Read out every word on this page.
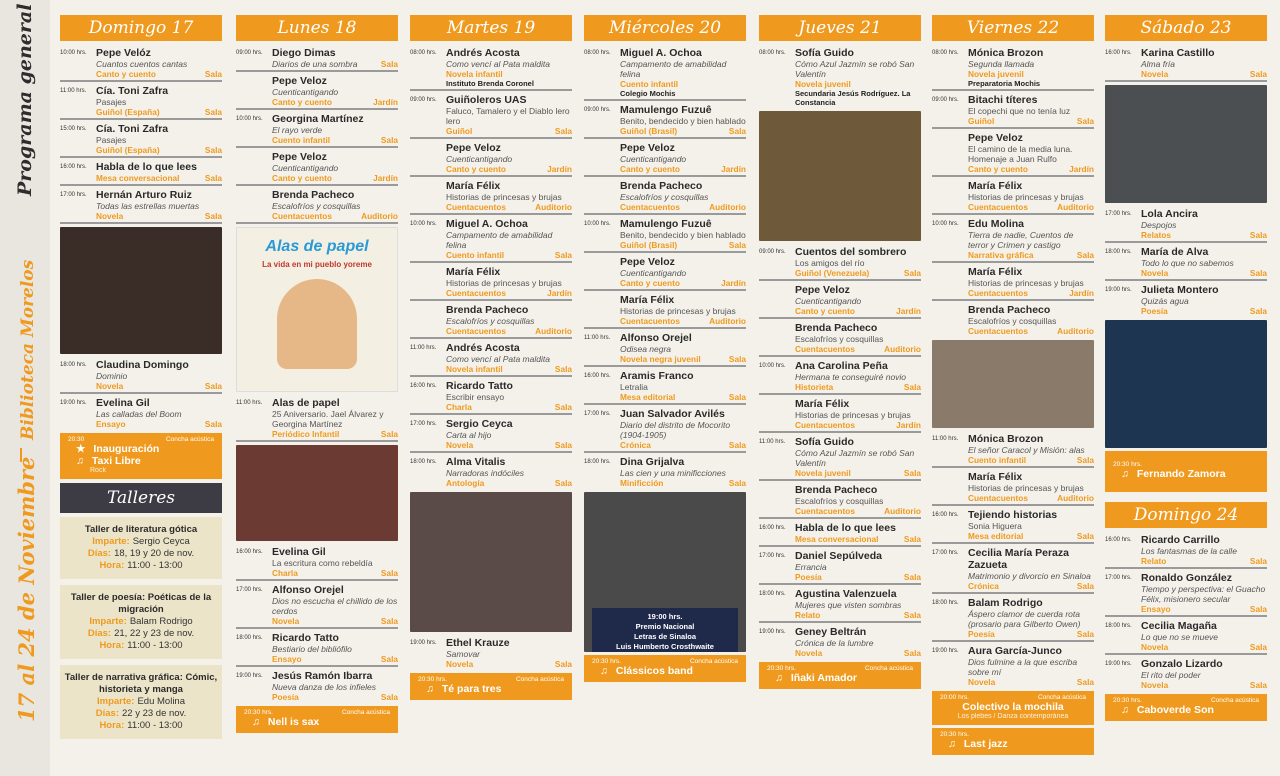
Programa general
Biblioteca Morelos
17 al 24 de Noviembre
Domingo 17
10:00 hrs. Pepe Velóz
Cuantos cuentos cantas
Canto y cuento	Sala
11:00 hrs. Cía. Toni Zafra
Pasajes
Guiñol (España)	Sala
15:00 hrs. Cía. Toni Zafra
Pasajes
Guiñol (España)	Sala
16:00 hrs. Habla de lo que lees
Mesa conversacional	Sala
17:00 hrs. Hernán Arturo Ruiz
Todas las estrellas muertas
Novela	Sala
18:00 hrs. Claudina Domingo
Dominio
Novela	Sala
19:00 hrs. Evelina Gil
Las calladas del Boom
Ensayo	Sala
20:30	Concha acústica
★ Inauguración
♫ Taxi Libre
Rock
Talleres
Taller de literatura gótica
Imparte: Sergio Ceyca
Días: 18, 19 y 20 de nov.
Hora: 11:00 - 13:00
Taller de poesía: Poéticas de la migración
Imparte: Balam Rodrigo
Días: 21, 22 y 23 de nov.
Hora: 11:00 - 13:00
Taller de narrativa gráfica: Cómic, historieta y manga
Imparte: Edu Molina
Días: 22 y 23 de nov.
Hora: 11:00 - 13:00
Lunes 18
09:00 hrs. Diego Dimas
Diarios de una sombra	Sala
Pepe Veloz
Cuenticantigando
Canto y cuento	Jardín
10:00 hrs. Georgina Martínez
El rayo verde
Cuento infantil	Sala
Pepe Veloz
Cuenticantigando
Canto y cuento	Jardín
Brenda Pacheco
Escalofríos y cosquillas
Cuentacuentos	Auditorio
Alas de papel
La vida en mi pueblo yoreme
11:00 hrs. Alas de papel
25 Aniversario. Jael Álvarez y Georgina Martínez
Periódico Infantil	Sala
16:00 hrs. Evelina Gil
La escritura como rebeldía
Charla	Sala
17:00 hrs. Alfonso Orejel
Dios no escucha el chillido de los cerdos
Novela	Sala
18:00 hrs. Ricardo Tatto
Bestiario del bibliófilo
Ensayo	Sala
19:00 hrs. Jesús Ramón Ibarra
Nueva danza de los infieles
Poesía	Sala
20:30 hrs.	Concha acústica
♫ Nell is sax
Martes 19
08:00 hrs. Andrés Acosta
Como vencí al Pata maldita
Novela infantil
Instituto Brenda Coronel
09:00 hrs. Guiñoleros UAS
Faluco, Tamalero y el Diablo lero lero
Guiñol	Sala
Pepe Veloz
Cuenticantigando
Canto y cuento	Jardín
María Félix
Historias de princesas y brujas
Cuentacuentos	Auditorio
10:00 hrs. Miguel A. Ochoa
Campamento de amabilidad felina
Cuento infantil	Sala
María Félix
Historias de princesas y brujas
Cuentacuentos	Jardín
Brenda Pacheco
Escalofríos y cosquillas
Cuentacuentos	Auditorio
11:00 hrs. Andrés Acosta
Como vencí al Pata maldita
Novela infantil	Sala
16:00 hrs. Ricardo Tatto
Escribir ensayo
Charla	Sala
17:00 hrs. Sergio Ceyca
Carta al hijo
Novela	Sala
18:00 hrs. Alma Vitalis
Narradoras indóciles
Antología	Sala
19:00 hrs. Ethel Krauze
Samovar
Novela	Sala
20:30 hrs.	Concha acústica
♫ Té para tres
Miércoles 20
08:00 hrs. Miguel A. Ochoa
Campamento de amabilidad felina
Cuento infantil
Colegio Mochis
09:00 hrs. Mamulengo Fuzuê
Benito, bendecido y bien hablado
Guiñol (Brasil)	Sala
Pepe Veloz
Cuenticantigando
Canto y cuento	Jardín
Brenda Pacheco
Escalofríos y cosquillas
Cuentacuentos	Auditorio
10:00 hrs. Mamulengo Fuzuê
Benito, bendecido y bien hablado
Guiñol (Brasil)	Sala
Pepe Veloz
Cuenticantigando
Canto y cuento	Jardín
María Félix
Historias de princesas y brujas
Cuentacuentos	Auditorio
11:00 hrs. Alfonso Orejel
Odisea negra
Novela negra juvenil	Sala
16:00 hrs. Aramis Franco
Letralia
Mesa editorial	Sala
17:00 hrs. Juan Salvador Avilés
Diario del distrito de Mocorito (1904-1905)
Crónica	Sala
18:00 hrs. Dina Grijalva
Las cien y una minificciones
Minificción	Sala
19:00 hrs.
Premio Nacional
Letras de Sinaloa
Luis Humberto Crosthwaite
20:30 hrs.	Concha acústica
♫ Clássicos band
Jueves 21
08:00 hrs. Sofía Guido
Cómo Azul Jazmín se robó San Valentín
Novela juvenil
Secundaria Jesús Rodríguez. La Constancia
09:00 hrs. Cuentos del sombrero
Los amigos del río
Guiñol (Venezuela)	Sala
Pepe Veloz
Cuenticantigando
Canto y cuento	Jardín
Brenda Pacheco
Escalofríos y cosquillas
Cuentacuentos	Auditorio
10:00 hrs. Ana Carolina Peña
Hermana te conseguiré novio
Historieta	Sala
María Félix
Historias de princesas y brujas
Cuentacuentos	Jardín
11:00 hrs. Sofía Guido
Cómo Azul Jazmín se robó San Valentín
Novela juvenil	Sala
Brenda Pacheco
Escalofríos y cosquillas
Cuentacuentos	Auditorio
16:00 hrs. Habla de lo que lees
Mesa conversacional	Sala
17:00 hrs. Daniel Sepúlveda
Errancia
Poesía	Sala
18:00 hrs. Agustina Valenzuela
Mujeres que visten sombras
Relato	Sala
19:00 hrs. Geney Beltrán
Crónica de la lumbre
Novela	Sala
20:30 hrs.	Concha acústica
♫ Iñaki Amador
Viernes 22
08:00 hrs. Mónica Brozon
Segunda llamada
Novela juvenil
Preparatoria Mochis
09:00 hrs. Bitachi títeres
El copechi que no tenía luz
Guiñol	Sala
Pepe Veloz
El camino de la media luna. Homenaje a Juan Rulfo
Canto y cuento	Jardín
María Félix
Historias de princesas y brujas
Cuentacuentos	Auditorio
10:00 hrs. Edu Molina
Tierra de nadie, Cuentos de terror y Crimen y castigo
Narrativa gráfica	Sala
María Félix
Historias de princesas y brujas
Cuentacuentos	Jardín
Brenda Pacheco
Escalofríos y cosquillas
Cuentacuentos	Auditorio
11:00 hrs. Mónica Brozon
El señor Caracol y Misión: alas
Cuento infantil	Sala
María Félix
Historias de princesas y brujas
Cuentacuentos	Auditorio
16:00 hrs. Tejiendo historias
Sonia Higuera
Mesa editorial	Sala
17:00 hrs. Cecilia María Peraza Zazueta
Matrimonio y divorcio en Sinaloa
Crónica	Sala
18:00 hrs. Balam Rodrigo
Áspero clamor de cuerda rota (prosario para Gilberto Owen)
Poesía	Sala
19:00 hrs. Aura García-Junco
Dios fulmine a la que escriba sobre mí
Novela	Sala
20:00 hrs.	Concha acústica
Colectivo la mochila
Los plebes / Danza contemporánea
20:30 hrs.
♫ Last jazz
Sábado 23
16:00 hrs. Karina Castillo
Alma fría
Novela	Sala
17:00 hrs. Lola Ancira
Despojos
Relatos	Sala
18:00 hrs. María de Alva
Todo lo que no sabemos
Novela	Sala
19:00 hrs. Julieta Montero
Quizás agua
Poesía	Sala
20:30 hrs.
♫ Fernando Zamora
Domingo 24
16:00 hrs. Ricardo Carrillo
Los fantasmas de la calle
Relato	Sala
17:00 hrs. Ronaldo González
Tiempo y perspectiva: el Guacho Félix, misionero secular
Ensayo	Sala
18:00 hrs. Cecilia Magaña
Lo que no se mueve
Novela	Sala
19:00 hrs. Gonzalo Lizardo
El rito del poder
Novela	Sala
20:30 hrs.	Concha acústica
♫ Caboverde Son
